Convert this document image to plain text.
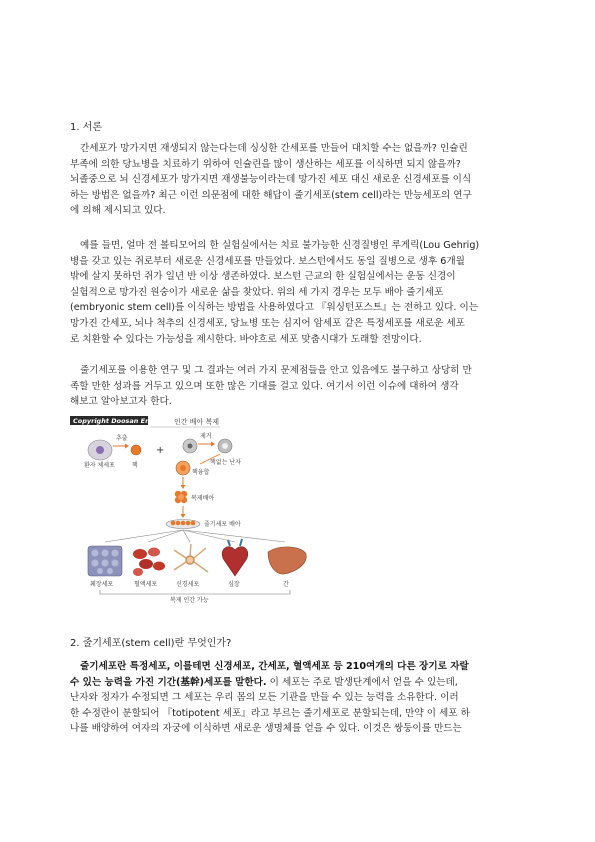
1. 서론

간세포가 망가지면 재생되지 않는다는데 싱싱한 간세포를 만들어 대치할 수는 없을까? 인슐린

부족에 의한 당뇨병을 치료하기 위하여 인슐린을 많이 생산하는 세포를 이식하면 되지 않을까?

뇌졸중으로 뇌 신경세포가 망가지면 재생불능이라는데 망가진 세포 대신 새로운 신경세포를 이식

하는 방법은 없을까? 최근 이런 의문점에 대한 해답이 줄기세포(stem cell)라는 만능세포의 연구

에 의해 제시되고 있다.

예를 들면, 얼마 전 볼티모어의 한 실험실에서는 치료 불가능한 신경질병인 루게릭(Lou Gehrig)

병을 갖고 있는 쥐로부터 새로운 신경세포를 만들었다. 보스턴에서도 동일 질병으로 생후 6개월

밖에 살지 못하던 쥐가 일년 반 이상 생존하였다. 보스턴 근교의 한 실험실에서는 운동 신경이

실험적으로 망가진 원숭이가 새로운 삶을 찾았다. 위의 세 가지 경우는 모두 배아 줄기세포

(embryonic stem cell)를 이식하는 방법을 사용하였다고 『워싱턴포스트』는 전하고 있다. 이는

망가진 간세포, 뇌나 척추의 신경세포, 당뇨병 또는 심지어 암세포 같은 특정세포를 새로운 세포

로 치환할 수 있다는 가능성을 제시한다. 바야흐로 세포 맞춤시대가 도래할 전망이다.

줄기세포를 이용한 연구 및 그 결과는 여러 가지 문제점들을 안고 있음에도 불구하고 상당히 만

족할 만한 성과를 거두고 있으며 또한 많은 기대를 걸고 있다. 여기서 이런 이슈에 대하여 생각

해보고 알아보고자 한다.

Copyright Doosan Encyber 인간 배아 복제
환자 체세포
추출
핵
+
제거
핵없는 난자
핵융합
복제배아
줄기세포 배아
췌장세포	혈액세포	신경세포	심장	간
복제 인간 가능
2. 줄기세포(stem cell)란 무엇인가?

줄기세포란 특정세포, 이를테면 신경세포, 간세포, 혈액세포 등 210여개의 다른 장기로 자랄

수 있는 능력을 가진 기간(基幹)세포를 말한다. 이 세포는 주로 발생단계에서 얻을 수 있는데,

난자와 정자가 수정되면 그 세포는 우리 몸의 모든 기관을 만들 수 있는 능력을 소유한다. 이러

한 수정란이 분할되어 『totipotent 세포』라고 부르는 줄기세포로 분할되는데, 만약 이 세포 하

나를 배양하여 여자의 자궁에 이식하면 새로운 생명체를 얻을 수 있다. 이것은 쌍둥이를 만드는
